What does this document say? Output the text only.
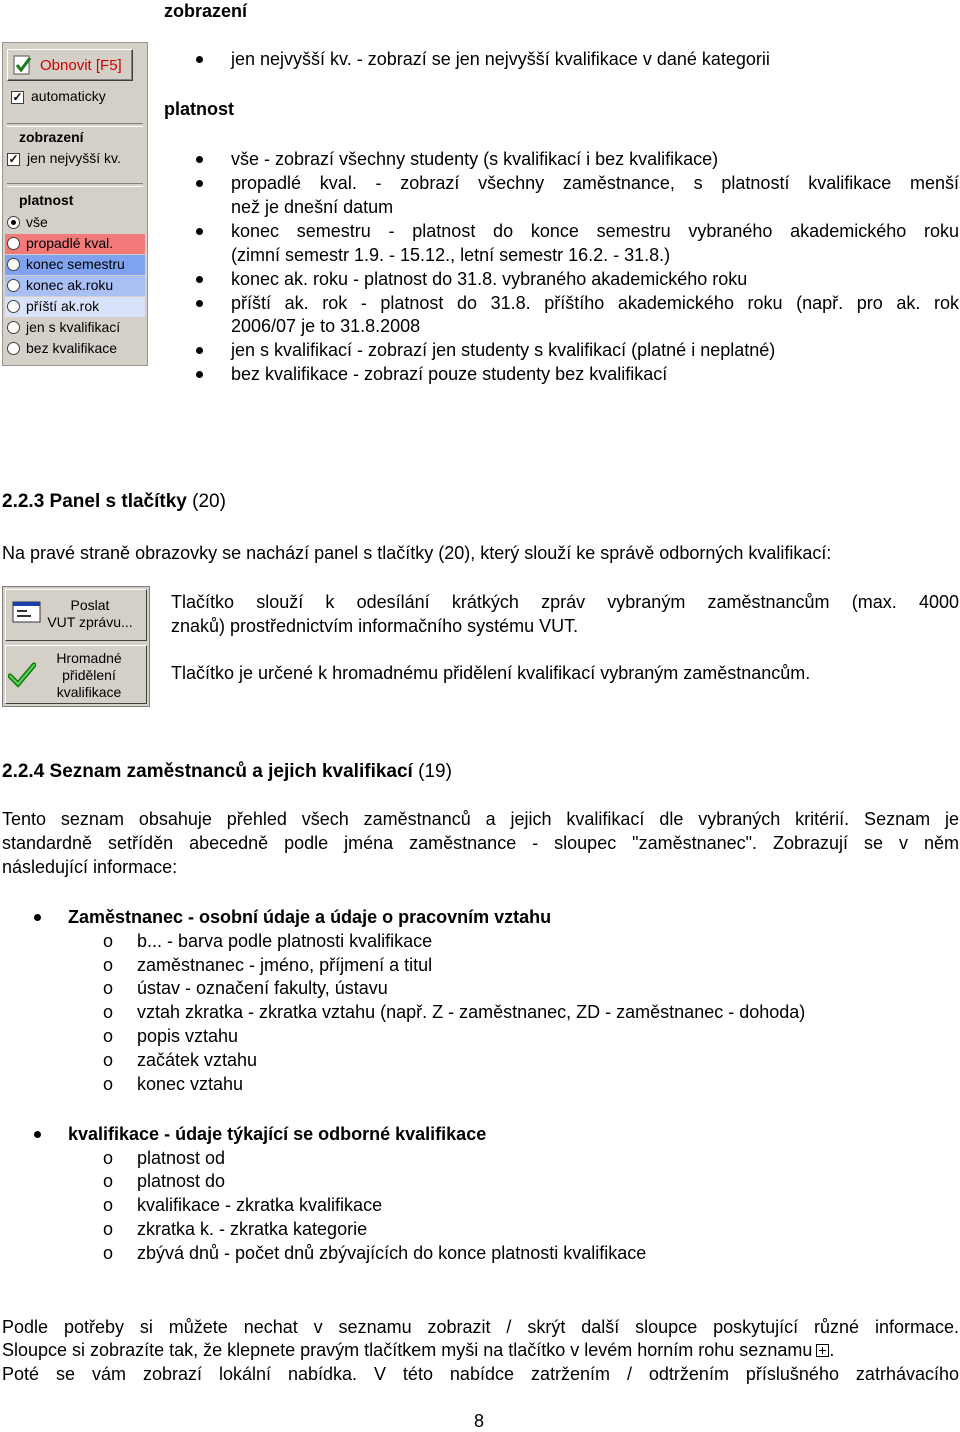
zobrazení
jen nejvyšší kv. - zobrazí se jen nejvyšší kvalifikace v dané kategorii
platnost
vše - zobrazí všechny studenty (s kvalifikací i bez kvalifikace)
propadlé kval. - zobrazí všechny zaměstnance, s platností kvalifikace menší
než je dnešní datum
konec semestru - platnost do konce semestru vybraného akademického roku
(zimní semestr 1.9. - 15.12., letní semestr 16.2. - 31.8.)
konec ak. roku - platnost do 31.8. vybraného akademického roku
příští ak. rok - platnost do 31.8. příštího akademického roku (např. pro ak. rok
2006/07 je to 31.8.2008
jen s kvalifikací - zobrazí jen studenty s kvalifikací (platné i neplatné)
bez kvalifikace - zobrazí pouze studenty bez kvalifikací
Obnovit [F5]
✓ automaticky
zobrazení
✓ jen nejvyšší kv.
platnost
vše
propadlé kval.
konec semestru
konec ak.roku
příští ak.rok
jen s kvalifikací
bez kvalifikace
2.2.3 Panel s tlačítky (20)
Na pravé straně obrazovky se nachází panel s tlačítky (20), který slouží ke správě odborných kvalifikací:
Poslat
VUT zprávu...
Hromadné
přidělení
kvalifikace
Tlačítko slouží k odesílání krátkých zpráv vybraným zaměstnancům (max. 4000
znaků) prostřednictvím informačního systému VUT.
Tlačítko je určené k hromadnému přidělení kvalifikací vybraným zaměstnancům.
2.2.4 Seznam zaměstnanců a jejich kvalifikací (19)
Tento seznam obsahuje přehled všech zaměstnanců a jejich kvalifikací dle vybraných kritérií. Seznam je
standardně setříděn abecedně podle jména zaměstnance - sloupec "zaměstnanec". Zobrazují se v něm
následující informace:
Zaměstnanec - osobní údaje a údaje o pracovním vztahu
o b... - barva podle platnosti kvalifikace
o zaměstnanec - jméno, příjmení a titul
o ústav - označení fakulty, ústavu
o vztah zkratka - zkratka vztahu (např. Z - zaměstnanec, ZD - zaměstnanec - dohoda)
o popis vztahu
o začátek vztahu
o konec vztahu
kvalifikace - údaje týkající se odborné kvalifikace
o platnost od
o platnost do
o kvalifikace - zkratka kvalifikace
o zkratka k. - zkratka kategorie
o zbývá dnů - počet dnů zbývajících do konce platnosti kvalifikace
Podle potřeby si můžete nechat v seznamu zobrazit / skrýt další sloupce poskytující různé informace.
Sloupce si zobrazíte tak, že klepnete pravým tlačítkem myši na tlačítko v levém horním rohu seznamu .
Poté se vám zobrazí lokální nabídka. V této nabídce zatržením / odtržením příslušného zatrhávacího
8
